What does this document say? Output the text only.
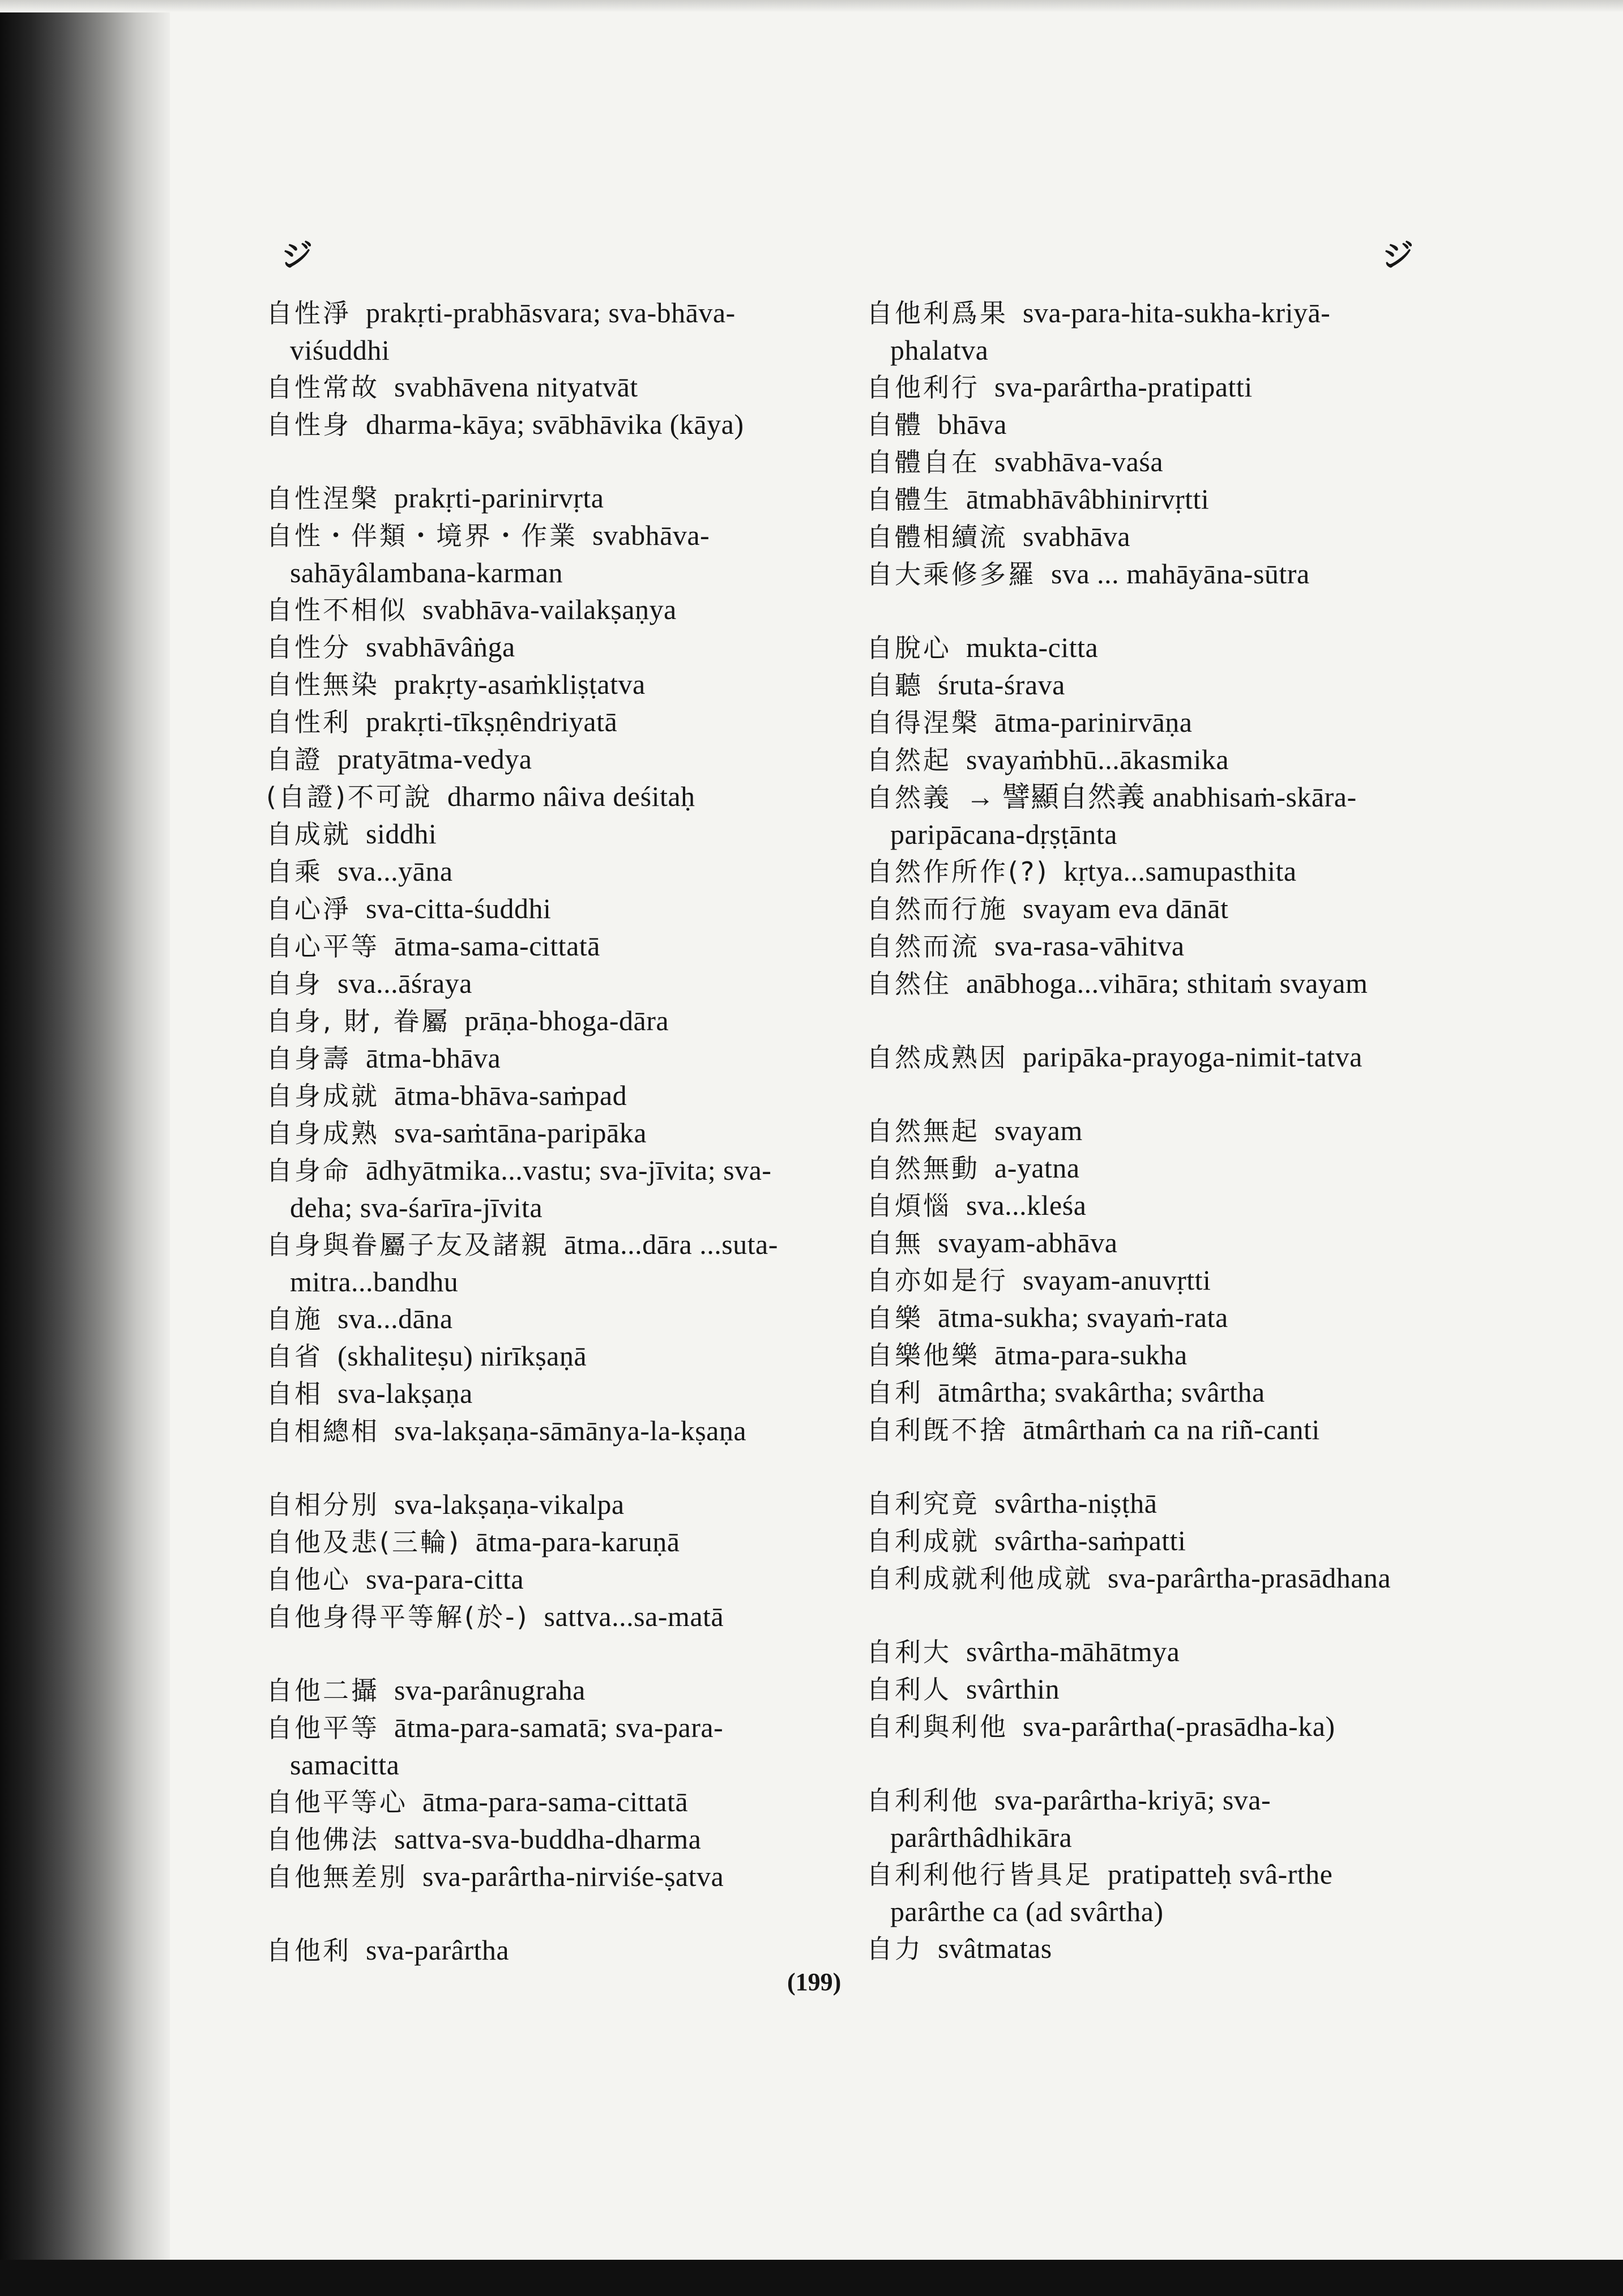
ジ	ジ
自性淨 prakṛti-prabhāsvara; sva-bhāva-viśuddhi
自性常故 svabhāvena nityatvāt
自性身 dharma-kāya; svābhāvika (kāya)
自性涅槃 prakṛti-parinirvṛta
自性・伴類・境界・作業 svabhāva-sahāyâlambana-karman
自性不相似 svabhāva-vailakṣaṇya
自性分 svabhāvâṅga
自性無染 prakṛty-asaṁkliṣṭatva
自性利 prakṛti-tīkṣṇêndriyatā
自證 pratyātma-vedya
(自證)不可說 dharmo nâiva deśitaḥ
自成就 siddhi
自乘 sva...yāna
自心淨 sva-citta-śuddhi
自心平等 ātma-sama-cittatā
自身 sva...āśraya
自身, 財, 眷屬 prāṇa-bhoga-dāra
自身壽 ātma-bhāva
自身成就 ātma-bhāva-saṁpad
自身成熟 sva-saṁtāna-paripāka
自身命 ādhyātmika...vastu; sva-jīvita; sva-deha; sva-śarīra-jīvita
自身與眷屬子友及諸親 ātma...dāra ...suta-mitra...bandhu
自施 sva...dāna
自省 (skhaliteṣu) nirīkṣaṇā
自相 sva-lakṣaṇa
自相總相 sva-lakṣaṇa-sāmānya-la-kṣaṇa
自相分別 sva-lakṣaṇa-vikalpa
自他及悲(三輪) ātma-para-karuṇā
自他心 sva-para-citta
自他身得平等解(於-) sattva...sa-matā
自他二攝 sva-parânugraha
自他平等 ātma-para-samatā; sva-para-samacitta
自他平等心 ātma-para-sama-cittatā
自他佛法 sattva-sva-buddha-dharma
自他無差別 sva-parârtha-nirviśe-ṣatva
自他利 sva-parârtha
自他利爲果 sva-para-hita-sukha-kriyā-phalatva
自他利行 sva-parârtha-pratipatti
自體 bhāva
自體自在 svabhāva-vaśa
自體生 ātmabhāvâbhinirvṛtti
自體相續流 svabhāva
自大乘修多羅 sva ... mahāyāna-sūtra
自脫心 mukta-citta
自聽 śruta-śrava
自得涅槃 ātma-parinirvāṇa
自然起 svayaṁbhū...ākasmika
自然義 → 譬顯自然義 anabhisaṁ-skāra-paripācana-dṛṣṭānta
自然作所作(?) kṛtya...samupasthita
自然而行施 svayam eva dānāt
自然而流 sva-rasa-vāhitva
自然住 anābhoga...vihāra; sthitaṁ svayam
自然成熟因 paripāka-prayoga-nimit-tatva
自然無起 svayam
自然無動 a-yatna
自煩惱 sva...kleśa
自無 svayam-abhāva
自亦如是行 svayam-anuvṛtti
自樂 ātma-sukha; svayaṁ-rata
自樂他樂 ātma-para-sukha
自利 ātmârtha; svakârtha; svârtha
自利旣不捨 ātmârthaṁ ca na riñ-canti
自利究竟 svârtha-niṣṭhā
自利成就 svârtha-saṁpatti
自利成就利他成就 sva-parârtha-prasādhana
自利大 svârtha-māhātmya
自利人 svârthin
自利與利他 sva-parârtha(-prasādha-ka)
自利利他 sva-parârtha-kriyā; sva-parârthâdhikāra
自利利他行皆具足 pratipatteḥ svâ-rthe parârthe ca (ad svârtha)
自力 svâtmatas
(199)
